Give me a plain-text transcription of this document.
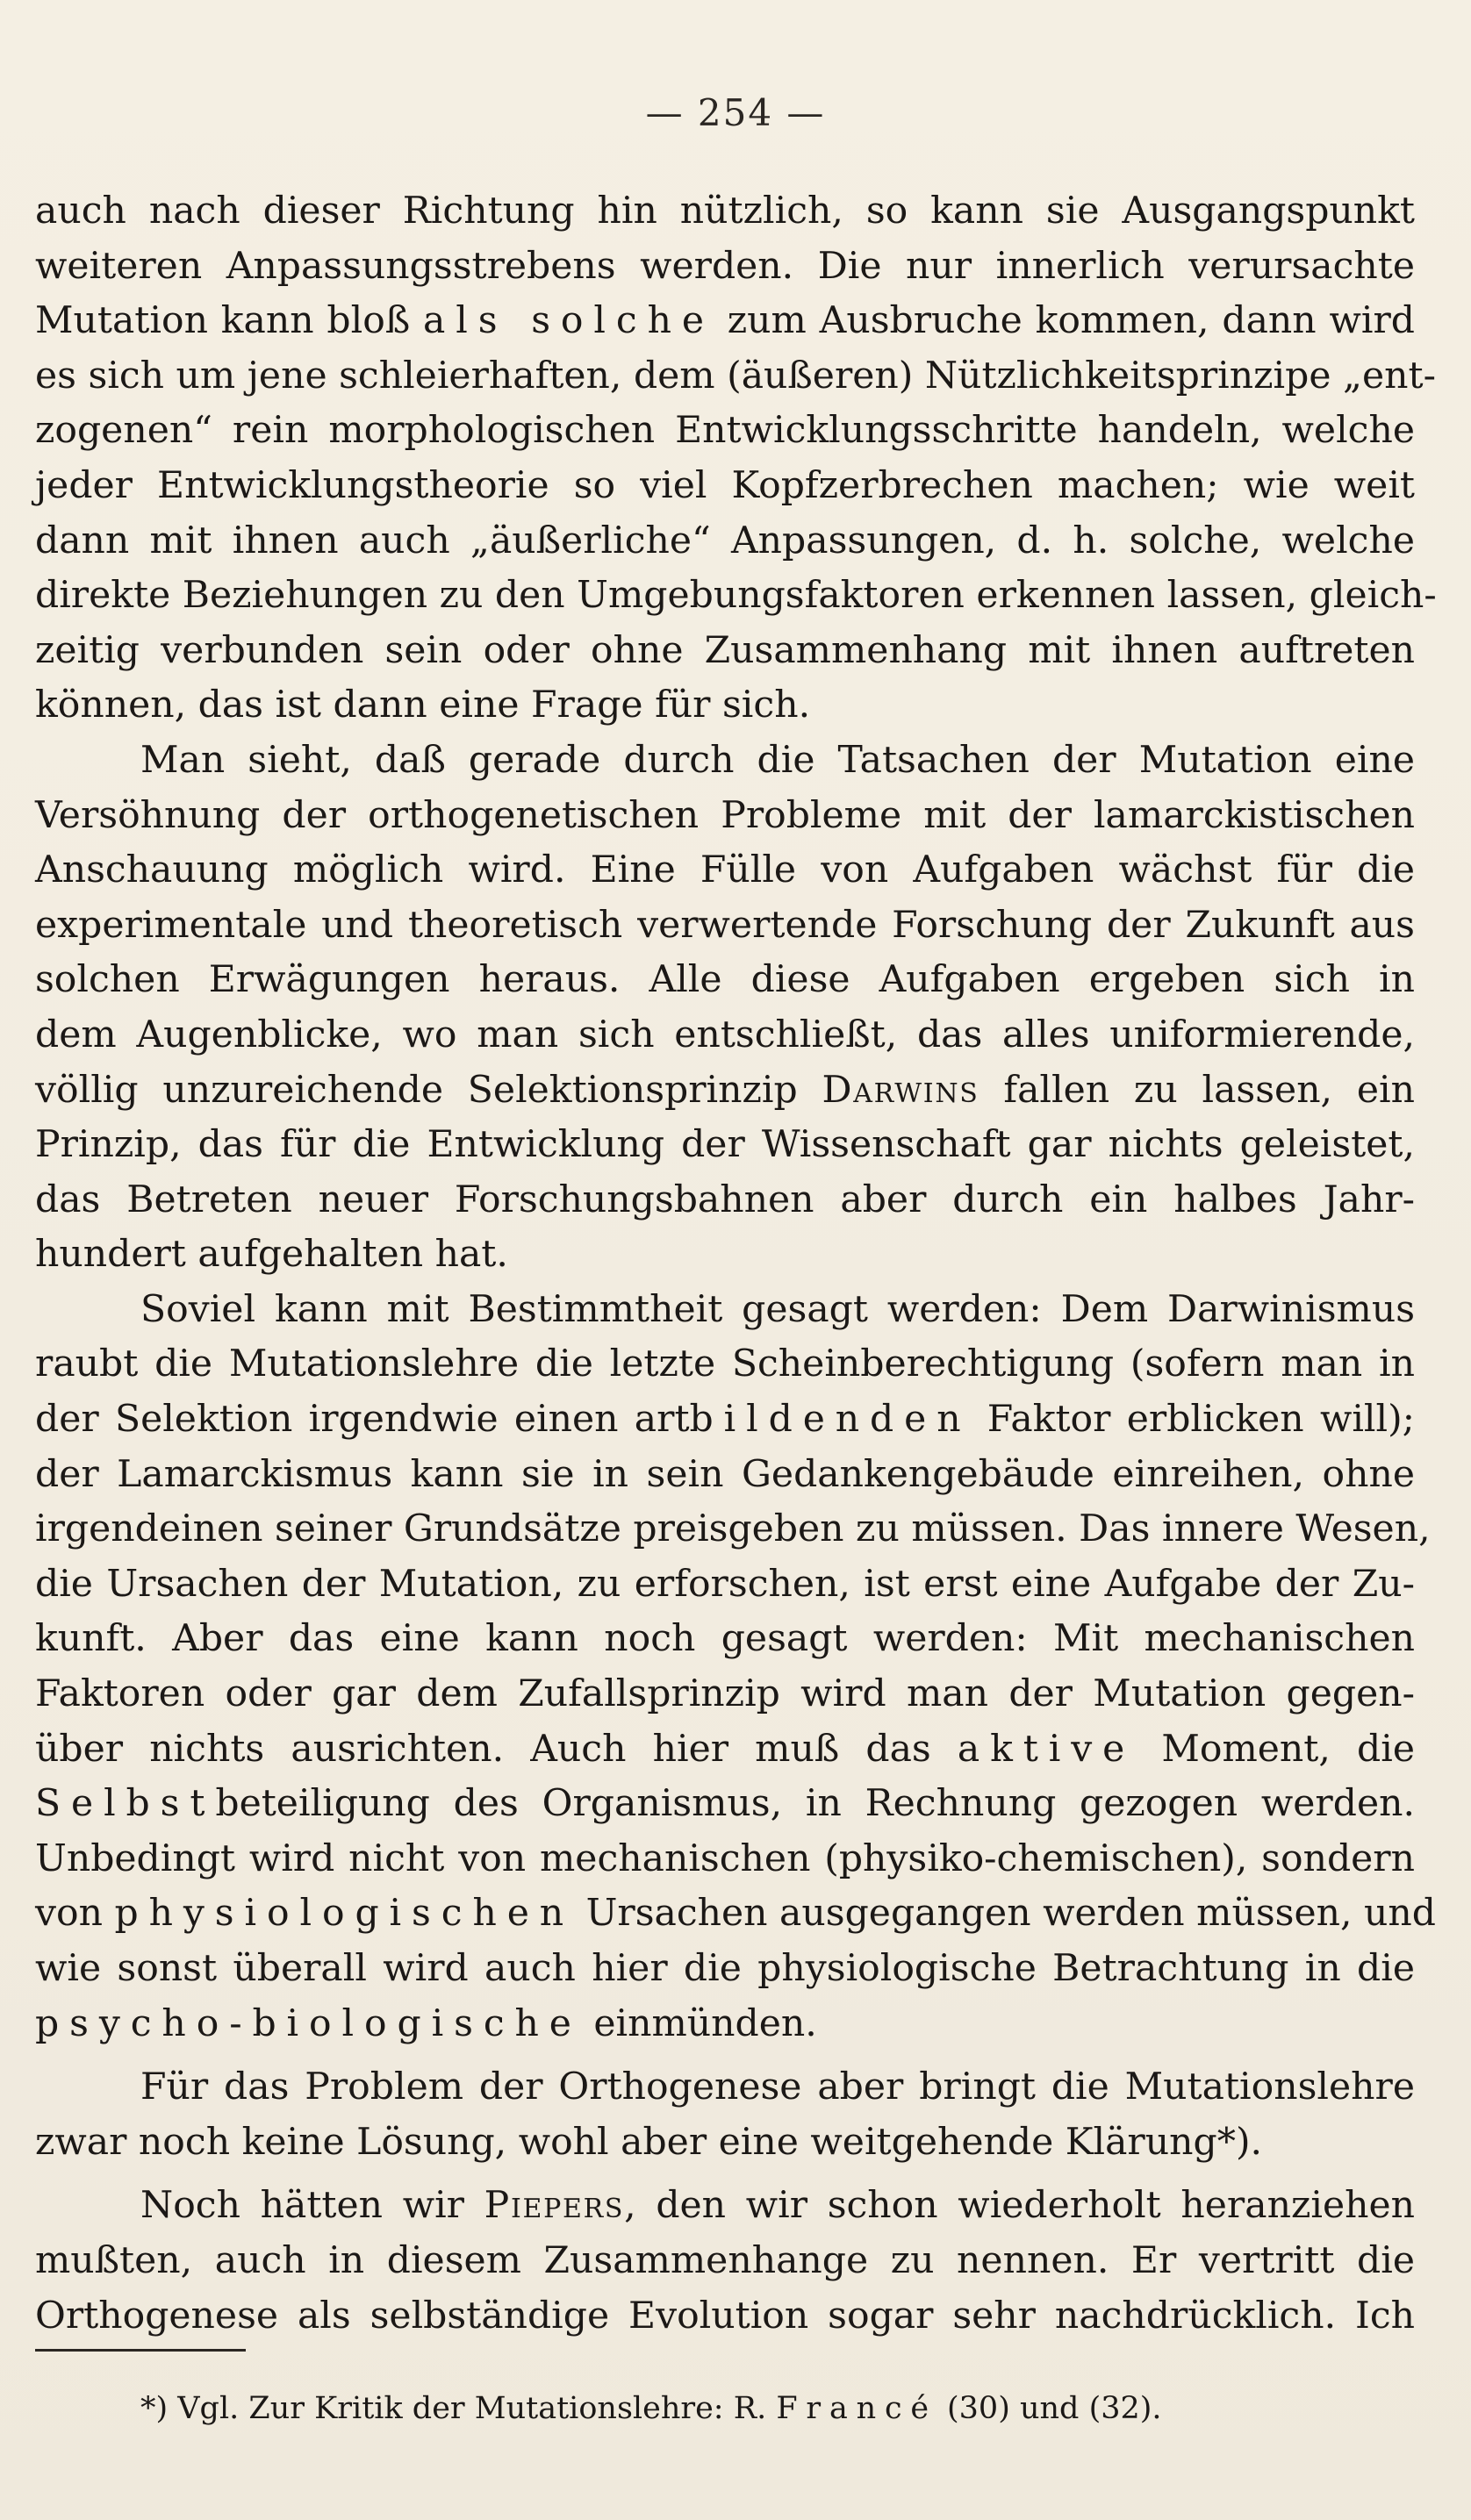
— 254 —
auch nach dieser Richtung hin nützlich, so kann sie Ausgangspunkt
weiteren Anpassungsstrebens werden. Die nur innerlich verursachte
Mutation kann bloß als solche zum Ausbruche kommen, dann wird
es sich um jene schleierhaften, dem (äußeren) Nützlichkeitsprinzipe „ent-
zogenen“ rein morphologischen Entwicklungsschritte handeln, welche
jeder Entwicklungstheorie so viel Kopfzerbrechen machen; wie weit
dann mit ihnen auch „äußerliche“ Anpassungen, d. h. solche, welche
direkte Beziehungen zu den Umgebungsfaktoren erkennen lassen, gleich-
zeitig verbunden sein oder ohne Zusammenhang mit ihnen auftreten
können, das ist dann eine Frage für sich.
Man sieht, daß gerade durch die Tatsachen der Mutation eine
Versöhnung der orthogenetischen Probleme mit der lamarckistischen
Anschauung möglich wird. Eine Fülle von Aufgaben wächst für die
experimentale und theoretisch verwertende Forschung der Zukunft aus
solchen Erwägungen heraus. Alle diese Aufgaben ergeben sich in
dem Augenblicke, wo man sich entschließt, das alles uniformierende,
völlig unzureichende Selektionsprinzip Darwins fallen zu lassen, ein
Prinzip, das für die Entwicklung der Wissenschaft gar nichts geleistet,
das Betreten neuer Forschungsbahnen aber durch ein halbes Jahr-
hundert aufgehalten hat.
Soviel kann mit Bestimmtheit gesagt werden: Dem Darwinismus
raubt die Mutationslehre die letzte Scheinberechtigung (sofern man in
der Selektion irgendwie einen artbildenden Faktor erblicken will);
der Lamarckismus kann sie in sein Gedankengebäude einreihen, ohne
irgendeinen seiner Grundsätze preisgeben zu müssen. Das innere Wesen,
die Ursachen der Mutation, zu erforschen, ist erst eine Aufgabe der Zu-
kunft. Aber das eine kann noch gesagt werden: Mit mechanischen
Faktoren oder gar dem Zufallsprinzip wird man der Mutation gegen-
über nichts ausrichten. Auch hier muß das aktive Moment, die
Selbstbeteiligung des Organismus, in Rechnung gezogen werden.
Unbedingt wird nicht von mechanischen (physiko-chemischen), sondern
von physiologischen Ursachen ausgegangen werden müssen, und
wie sonst überall wird auch hier die physiologische Betrachtung in die
psycho-biologische einmünden.
Für das Problem der Orthogenese aber bringt die Mutationslehre
zwar noch keine Lösung, wohl aber eine weitgehende Klärung*).
Noch hätten wir Piepers, den wir schon wiederholt heranziehen
mußten, auch in diesem Zusammenhange zu nennen. Er vertritt die
Orthogenese als selbständige Evolution sogar sehr nachdrücklich. Ich
*) Vgl. Zur Kritik der Mutationslehre: R. Francé (30) und (32).
